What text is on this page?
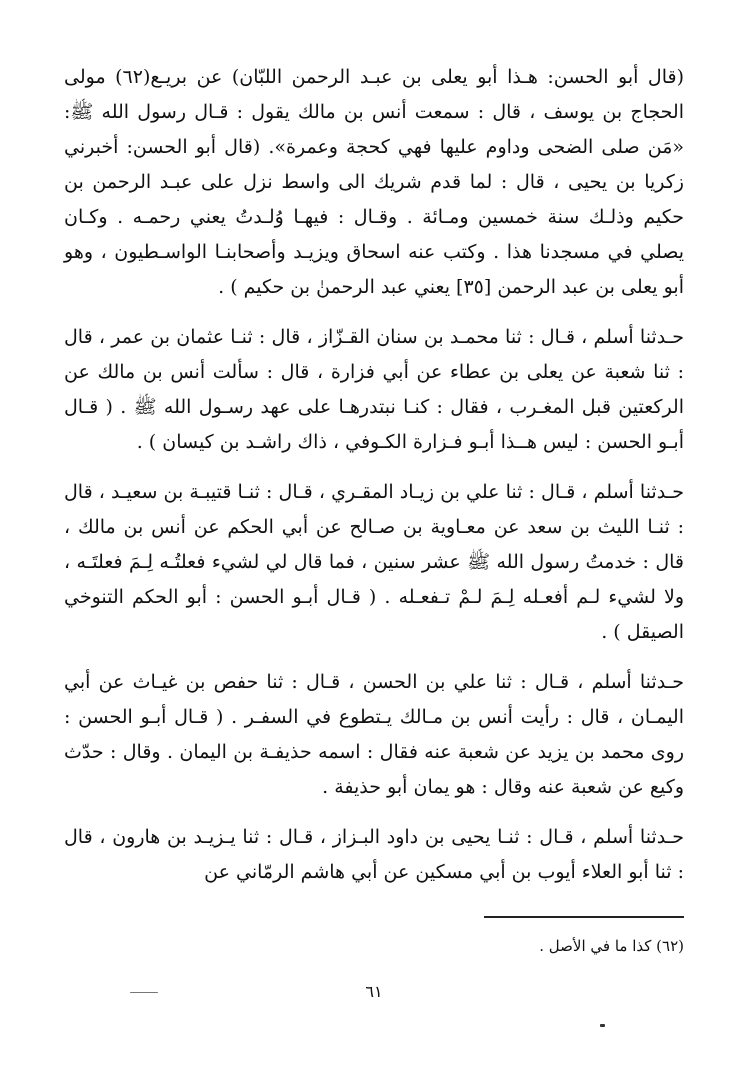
(قال أبو الحسن: هـذا أبو يعلى بن عبـد الرحمن اللبّان) عن بريـع(٦٢) مولى الحجاج بن يوسف ، قال : سمعت أنس بن مالك يقول : قـال رسول الله ﷺ: «مَن صلى الضحى وداوم عليها فهي كحجة وعمرة». (قال أبو الحسن: أخبرني زكريا بن يحيى ، قال : لما قدم شريك الى واسط نزل على عبـد الرحمن بن حكيم وذلـك سنة خمسين ومـائة . وقـال : فيهـا وُلـدتُ يعني رحمـه . وكـان يصلي في مسجدنا هذا . وكتب عنه اسحاق ويزيـد وأصحابنـا الواسـطيون ، وهو أبو يعلى بن عبد الرحمن [٣٥] يعني عبد الرحمنٰ بن حكيم ) .

حـدثنا أسلم ، قـال : ثنا محمـد بن سنان القـزّاز ، قال : ثنـا عثمان بن عمر ، قال : ثنا شعبة عن يعلى بن عطاء عن أبي فزارة ، قال : سألت أنس بن مالك عن الركعتين قبل المغـرب ، فقال : كنـا نبتدرهـا على عهد رسـول الله ﷺ . ( قـال أبـو الحسن : ليس هــذا أبـو فـزارة الكـوفي ، ذاك راشـد بن كيسان ) .

حـدثنا أسلم ، قـال : ثنا علي بن زيـاد المقـري ، قـال : ثنـا قتيبـة بن سعيـد ، قال : ثنـا الليث بن سعد عن معـاوية بن صـالح عن أبي الحكم عن أنس بن مالك ، قال : خدمتُ رسول الله ﷺ عشر سنين ، فما قال لي لشيء فعلتُـه لِـمَ فعلتَـه ، ولا لشيء لـم أفعـله لِـمَ لـمْ تـفعـله . ( قـال أبـو الحسن : أبو الحكم التنوخي الصيقل ) .

حـدثنا أسلم ، قـال : ثنا علي بن الحسن ، قـال : ثنا حفص بن غيـاث عن أبي اليمـان ، قال : رأيت أنس بن مـالك يـتطوع في السفـر . ( قـال أبـو الحسن : روى محمد بن يزيد عن شعبة عنه فقال : اسمه حذيفـة بن اليمان . وقال : حدّث وكيع عن شعبة عنه وقال : هو يمان أبو حذيفة .

حـدثنا أسلم ، قـال : ثنـا يحيى بن داود البـزاز ، قـال : ثنا يـزيـد بن هارون ، قال : ثنا أبو العلاء أيوب بن أبي مسكين عن أبي هاشم الرمّاني عن

(٦٢) كذا ما في الأصل .

٦١
